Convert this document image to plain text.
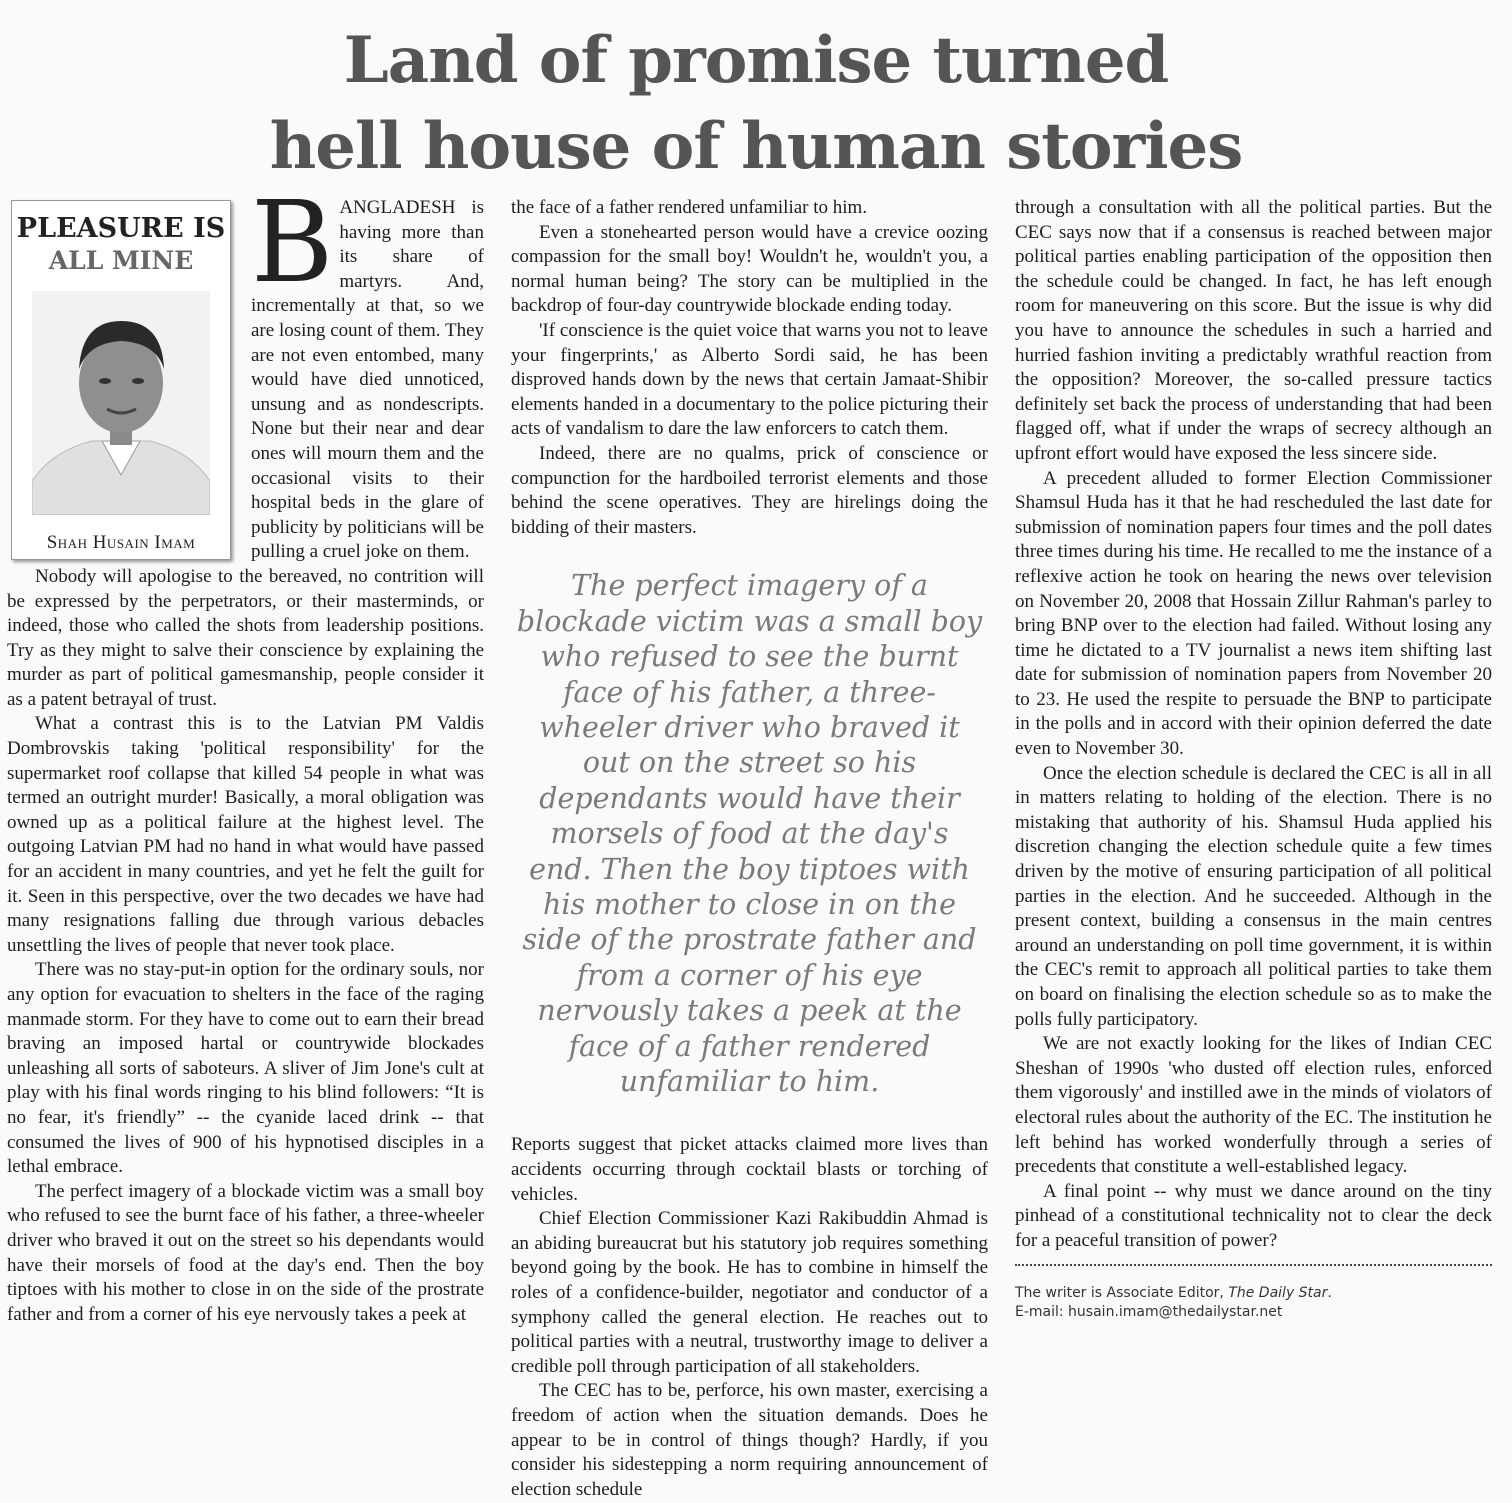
Land of promise turned
hell house of human stories
PLEASURE IS
ALL MINE
Shah Husain Imam

BANGLADESH is having more than its share of martyrs. And, incrementally at that, so we are losing count of them. They are not even entombed, many would have died unnoticed, unsung and as nondescripts. None but their near and dear ones will mourn them and the occasional visits to their hospital beds in the glare of publicity by politicians will be pulling a cruel joke on them.

Nobody will apologise to the bereaved, no contrition will be expressed by the perpetrators, or their masterminds, or indeed, those who called the shots from leadership positions. Try as they might to salve their conscience by explaining the murder as part of political gamesmanship, people consider it as a patent betrayal of trust.

What a contrast this is to the Latvian PM Valdis Dombrovskis taking 'political responsibility' for the supermarket roof collapse that killed 54 people in what was termed an outright murder! Basically, a moral obligation was owned up as a political failure at the highest level. The outgoing Latvian PM had no hand in what would have passed for an accident in many countries, and yet he felt the guilt for it. Seen in this perspective, over the two decades we have had many resignations falling due through various debacles unsettling the lives of people that never took place.

There was no stay-put-in option for the ordinary souls, nor any option for evacuation to shelters in the face of the raging manmade storm. For they have to come out to earn their bread braving an imposed hartal or countrywide blockades unleashing all sorts of saboteurs. A sliver of Jim Jone's cult at play with his final words ringing to his blind followers: “It is no fear, it's friendly” -- the cyanide laced drink -- that consumed the lives of 900 of his hypnotised disciples in a lethal embrace.

The perfect imagery of a blockade victim was a small boy who refused to see the burnt face of his father, a three-wheeler driver who braved it out on the street so his dependants would have their morsels of food at the day's end. Then the boy tiptoes with his mother to close in on the side of the prostrate father and from a corner of his eye nervously takes a peek at

the face of a father rendered unfamiliar to him.

Even a stonehearted person would have a crevice oozing compassion for the small boy! Wouldn't he, wouldn't you, a normal human being? The story can be multiplied in the backdrop of four-day countrywide blockade ending today.

'If conscience is the quiet voice that warns you not to leave your fingerprints,' as Alberto Sordi said, he has been disproved hands down by the news that certain Jamaat-Shibir elements handed in a documentary to the police picturing their acts of vandalism to dare the law enforcers to catch them.

Indeed, there are no qualms, prick of conscience or compunction for the hardboiled terrorist elements and those behind the scene operatives. They are hirelings doing the bidding of their masters.

The perfect imagery of a blockade victim was a small boy who refused to see the burnt face of his father, a three-wheeler driver who braved it out on the street so his dependants would have their morsels of food at the day's end. Then the boy tiptoes with his mother to close in on the side of the prostrate father and from a corner of his eye nervously takes a peek at the face of a father rendered unfamiliar to him.

Reports suggest that picket attacks claimed more lives than accidents occurring through cocktail blasts or torching of vehicles.

Chief Election Commissioner Kazi Rakibuddin Ahmad is an abiding bureaucrat but his statutory job requires something beyond going by the book. He has to combine in himself the roles of a confidence-builder, negotiator and conductor of a symphony called the general election. He reaches out to political parties with a neutral, trustworthy image to deliver a credible poll through participation of all stakeholders.

The CEC has to be, perforce, his own master, exercising a freedom of action when the situation demands. Does he appear to be in control of things though? Hardly, if you consider his sidestepping a norm requiring announcement of election schedule

through a consultation with all the political parties. But the CEC says now that if a consensus is reached between major political parties enabling participation of the opposition then the schedule could be changed. In fact, he has left enough room for maneuvering on this score. But the issue is why did you have to announce the schedules in such a harried and hurried fashion inviting a predictably wrathful reaction from the opposition? Moreover, the so-called pressure tactics definitely set back the process of understanding that had been flagged off, what if under the wraps of secrecy although an upfront effort would have exposed the less sincere side.

A precedent alluded to former Election Commissioner Shamsul Huda has it that he had rescheduled the last date for submission of nomination papers four times and the poll dates three times during his time. He recalled to me the instance of a reflexive action he took on hearing the news over television on November 20, 2008 that Hossain Zillur Rahman's parley to bring BNP over to the election had failed. Without losing any time he dictated to a TV journalist a news item shifting last date for submission of nomination papers from November 20 to 23. He used the respite to persuade the BNP to participate in the polls and in accord with their opinion deferred the date even to November 30.

Once the election schedule is declared the CEC is all in all in matters relating to holding of the election. There is no mistaking that authority of his. Shamsul Huda applied his discretion changing the election schedule quite a few times driven by the motive of ensuring participation of all political parties in the election. And he succeeded. Although in the present context, building a consensus in the main centres around an understanding on poll time government, it is within the CEC's remit to approach all political parties to take them on board on finalising the election schedule so as to make the polls fully participatory.

We are not exactly looking for the likes of Indian CEC Sheshan of 1990s 'who dusted off election rules, enforced them vigorously' and instilled awe in the minds of violators of electoral rules about the authority of the EC. The institution he left behind has worked wonderfully through a series of precedents that constitute a well-established legacy.

A final point -- why must we dance around on the tiny pinhead of a constitutional technicality not to clear the deck for a peaceful transition of power?

The writer is Associate Editor, The Daily Star.
E-mail: husain.imam@thedailystar.net
